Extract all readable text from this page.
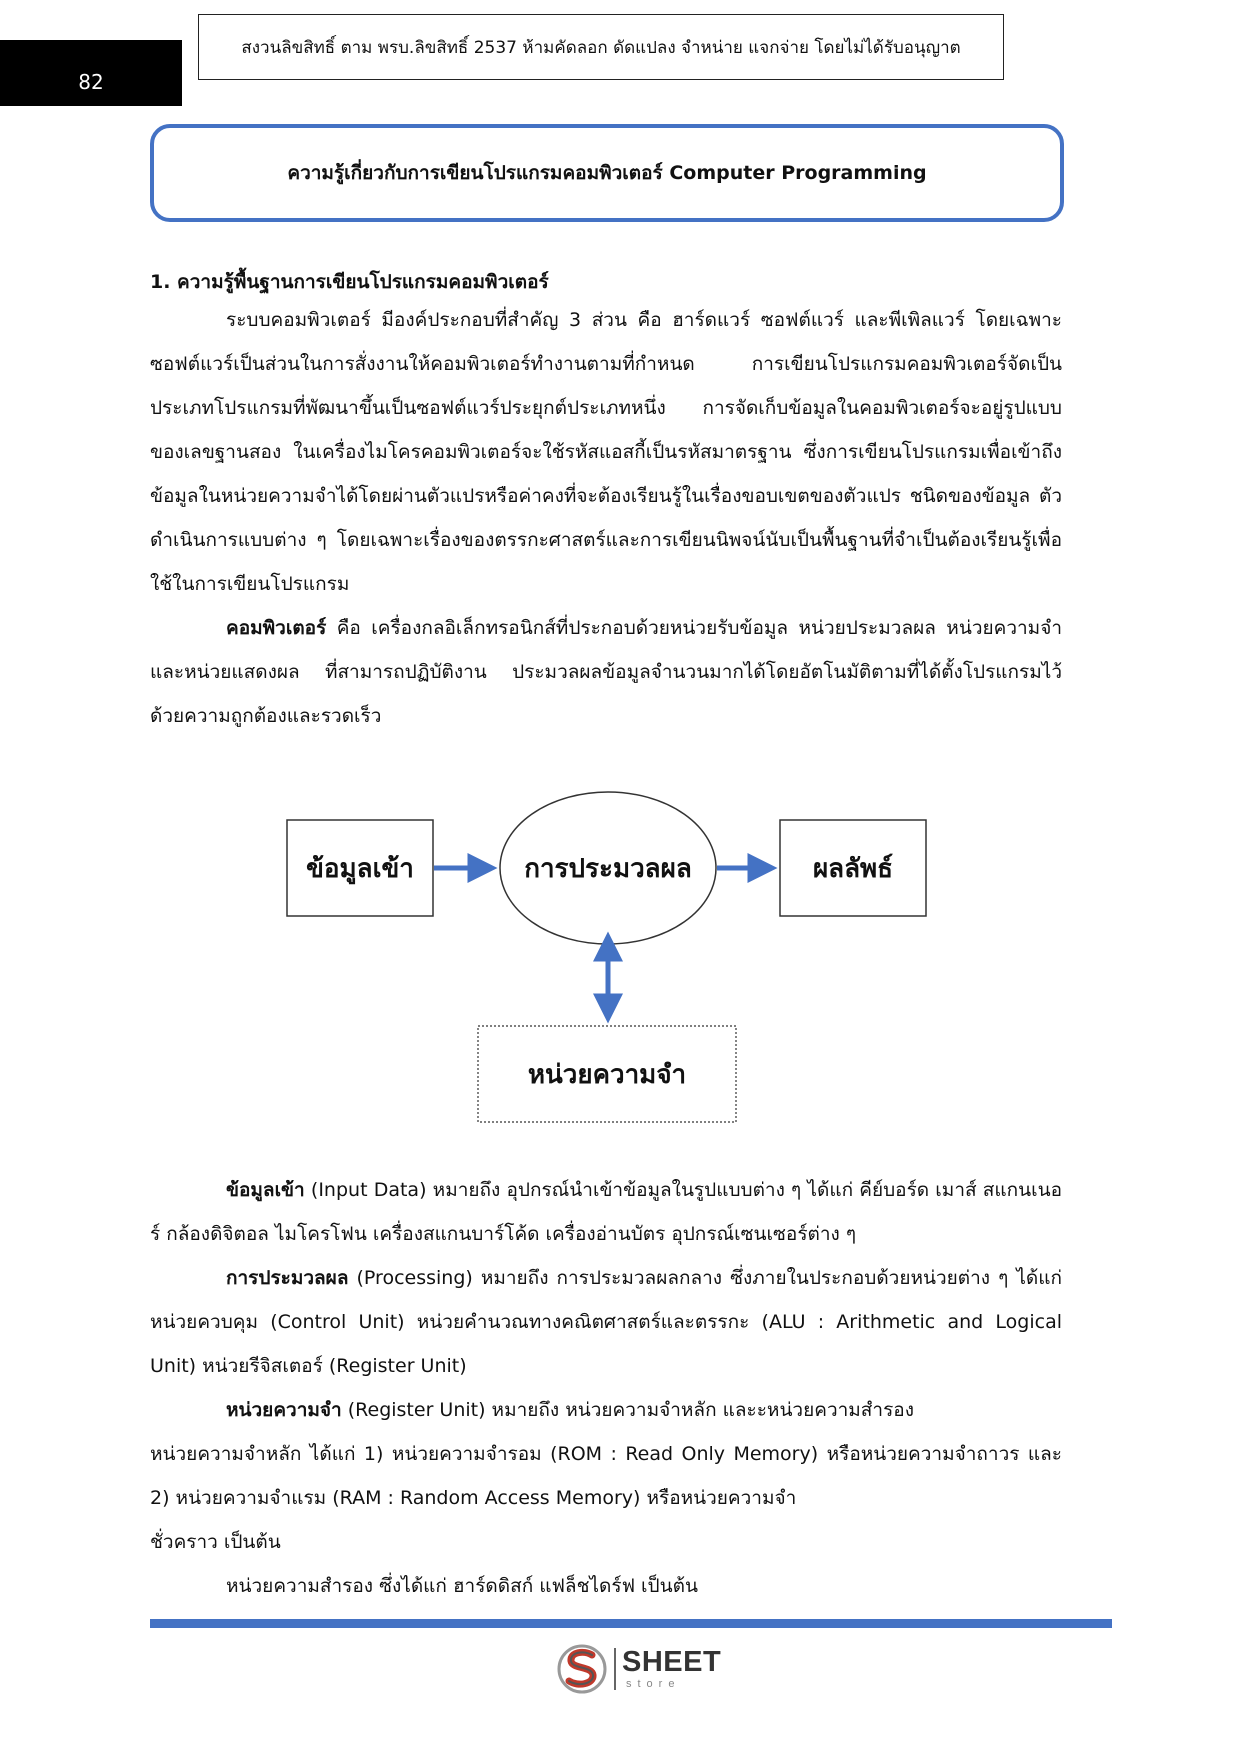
82
สงวนลิขสิทธิ์ ตาม พรบ.ลิขสิทธิ์ 2537 ห้ามคัดลอก ดัดแปลง จำหน่าย แจกจ่าย โดยไม่ได้รับอนุญาต
ความรู้เกี่ยวกับการเขียนโปรแกรมคอมพิวเตอร์ Computer Programming
1. ความรู้พื้นฐานการเขียนโปรแกรมคอมพิวเตอร์

ระบบคอมพิวเตอร์ มีองค์ประกอบที่สำคัญ 3 ส่วน คือ ฮาร์ดแวร์ ซอฟต์แวร์ และพีเพิลแวร์ โดยเฉพาะซอฟต์แวร์เป็นส่วนในการสั่งงานให้คอมพิวเตอร์ทำงานตามที่กำหนด การเขียนโปรแกรมคอมพิวเตอร์จัดเป็นประเภทโปรแกรมที่พัฒนาขึ้นเป็นซอฟต์แวร์ประยุกต์ประเภทหนึ่ง การจัดเก็บข้อมูลในคอมพิวเตอร์จะอยู่รูปแบบของเลขฐานสอง ในเครื่องไมโครคอมพิวเตอร์จะใช้รหัสแอสกี้เป็นรหัสมาตรฐาน ซึ่งการเขียนโปรแกรมเพื่อเข้าถึงข้อมูลในหน่วยความจำได้โดยผ่านตัวแปรหรือค่าคงที่จะต้องเรียนรู้ในเรื่องขอบเขตของตัวแปร ชนิดของข้อมูล ตัวดำเนินการแบบต่าง ๆ โดยเฉพาะเรื่องของตรรกะศาสตร์และการเขียนนิพจน์นับเป็นพื้นฐานที่จำเป็นต้องเรียนรู้เพื่อใช้ในการเขียนโปรแกรม

คอมพิวเตอร์ คือ เครื่องกลอิเล็กทรอนิกส์ที่ประกอบด้วยหน่วยรับข้อมูล หน่วยประมวลผล หน่วยความจำและหน่วยแสดงผล ที่สามารถปฏิบัติงาน ประมวลผลข้อมูลจำนวนมากได้โดยอัตโนมัติตามที่ได้ตั้งโปรแกรมไว้ ด้วยความถูกต้องและรวดเร็ว

ข้อมูลเข้า	การประมวลผล	ผลลัพธ์
หน่วยความจำ

ข้อมูลเข้า (Input Data) หมายถึง อุปกรณ์นำเข้าข้อมูลในรูปแบบต่าง ๆ ได้แก่ คีย์บอร์ด เมาส์ สแกนเนอร์ กล้องดิจิตอล ไมโครโฟน เครื่องสแกนบาร์โค้ด เครื่องอ่านบัตร อุปกรณ์เซนเซอร์ต่าง ๆ

การประมวลผล (Processing) หมายถึง การประมวลผลกลาง ซึ่งภายในประกอบด้วยหน่วยต่าง ๆ ได้แก่ หน่วยควบคุม (Control Unit) หน่วยคำนวณทางคณิตศาสตร์และตรรกะ (ALU : Arithmetic and Logical Unit) หน่วยรีจิสเตอร์ (Register Unit)

หน่วยความจำ (Register Unit) หมายถึง หน่วยความจำหลัก และะหน่วยความสำรอง

หน่วยความจำหลัก ได้แก่ 1) หน่วยความจำรอม (ROM : Read Only Memory) หรือหน่วยความจำถาวร และ 2) หน่วยความจำแรม (RAM : Random Access Memory) หรือหน่วยความจำ

ชั่วคราว เป็นต้น

หน่วยความสำรอง ซึ่งได้แก่ ฮาร์ดดิสก์ แฟล็ชไดร์ฟ เป็นต้น

SHEET
store
